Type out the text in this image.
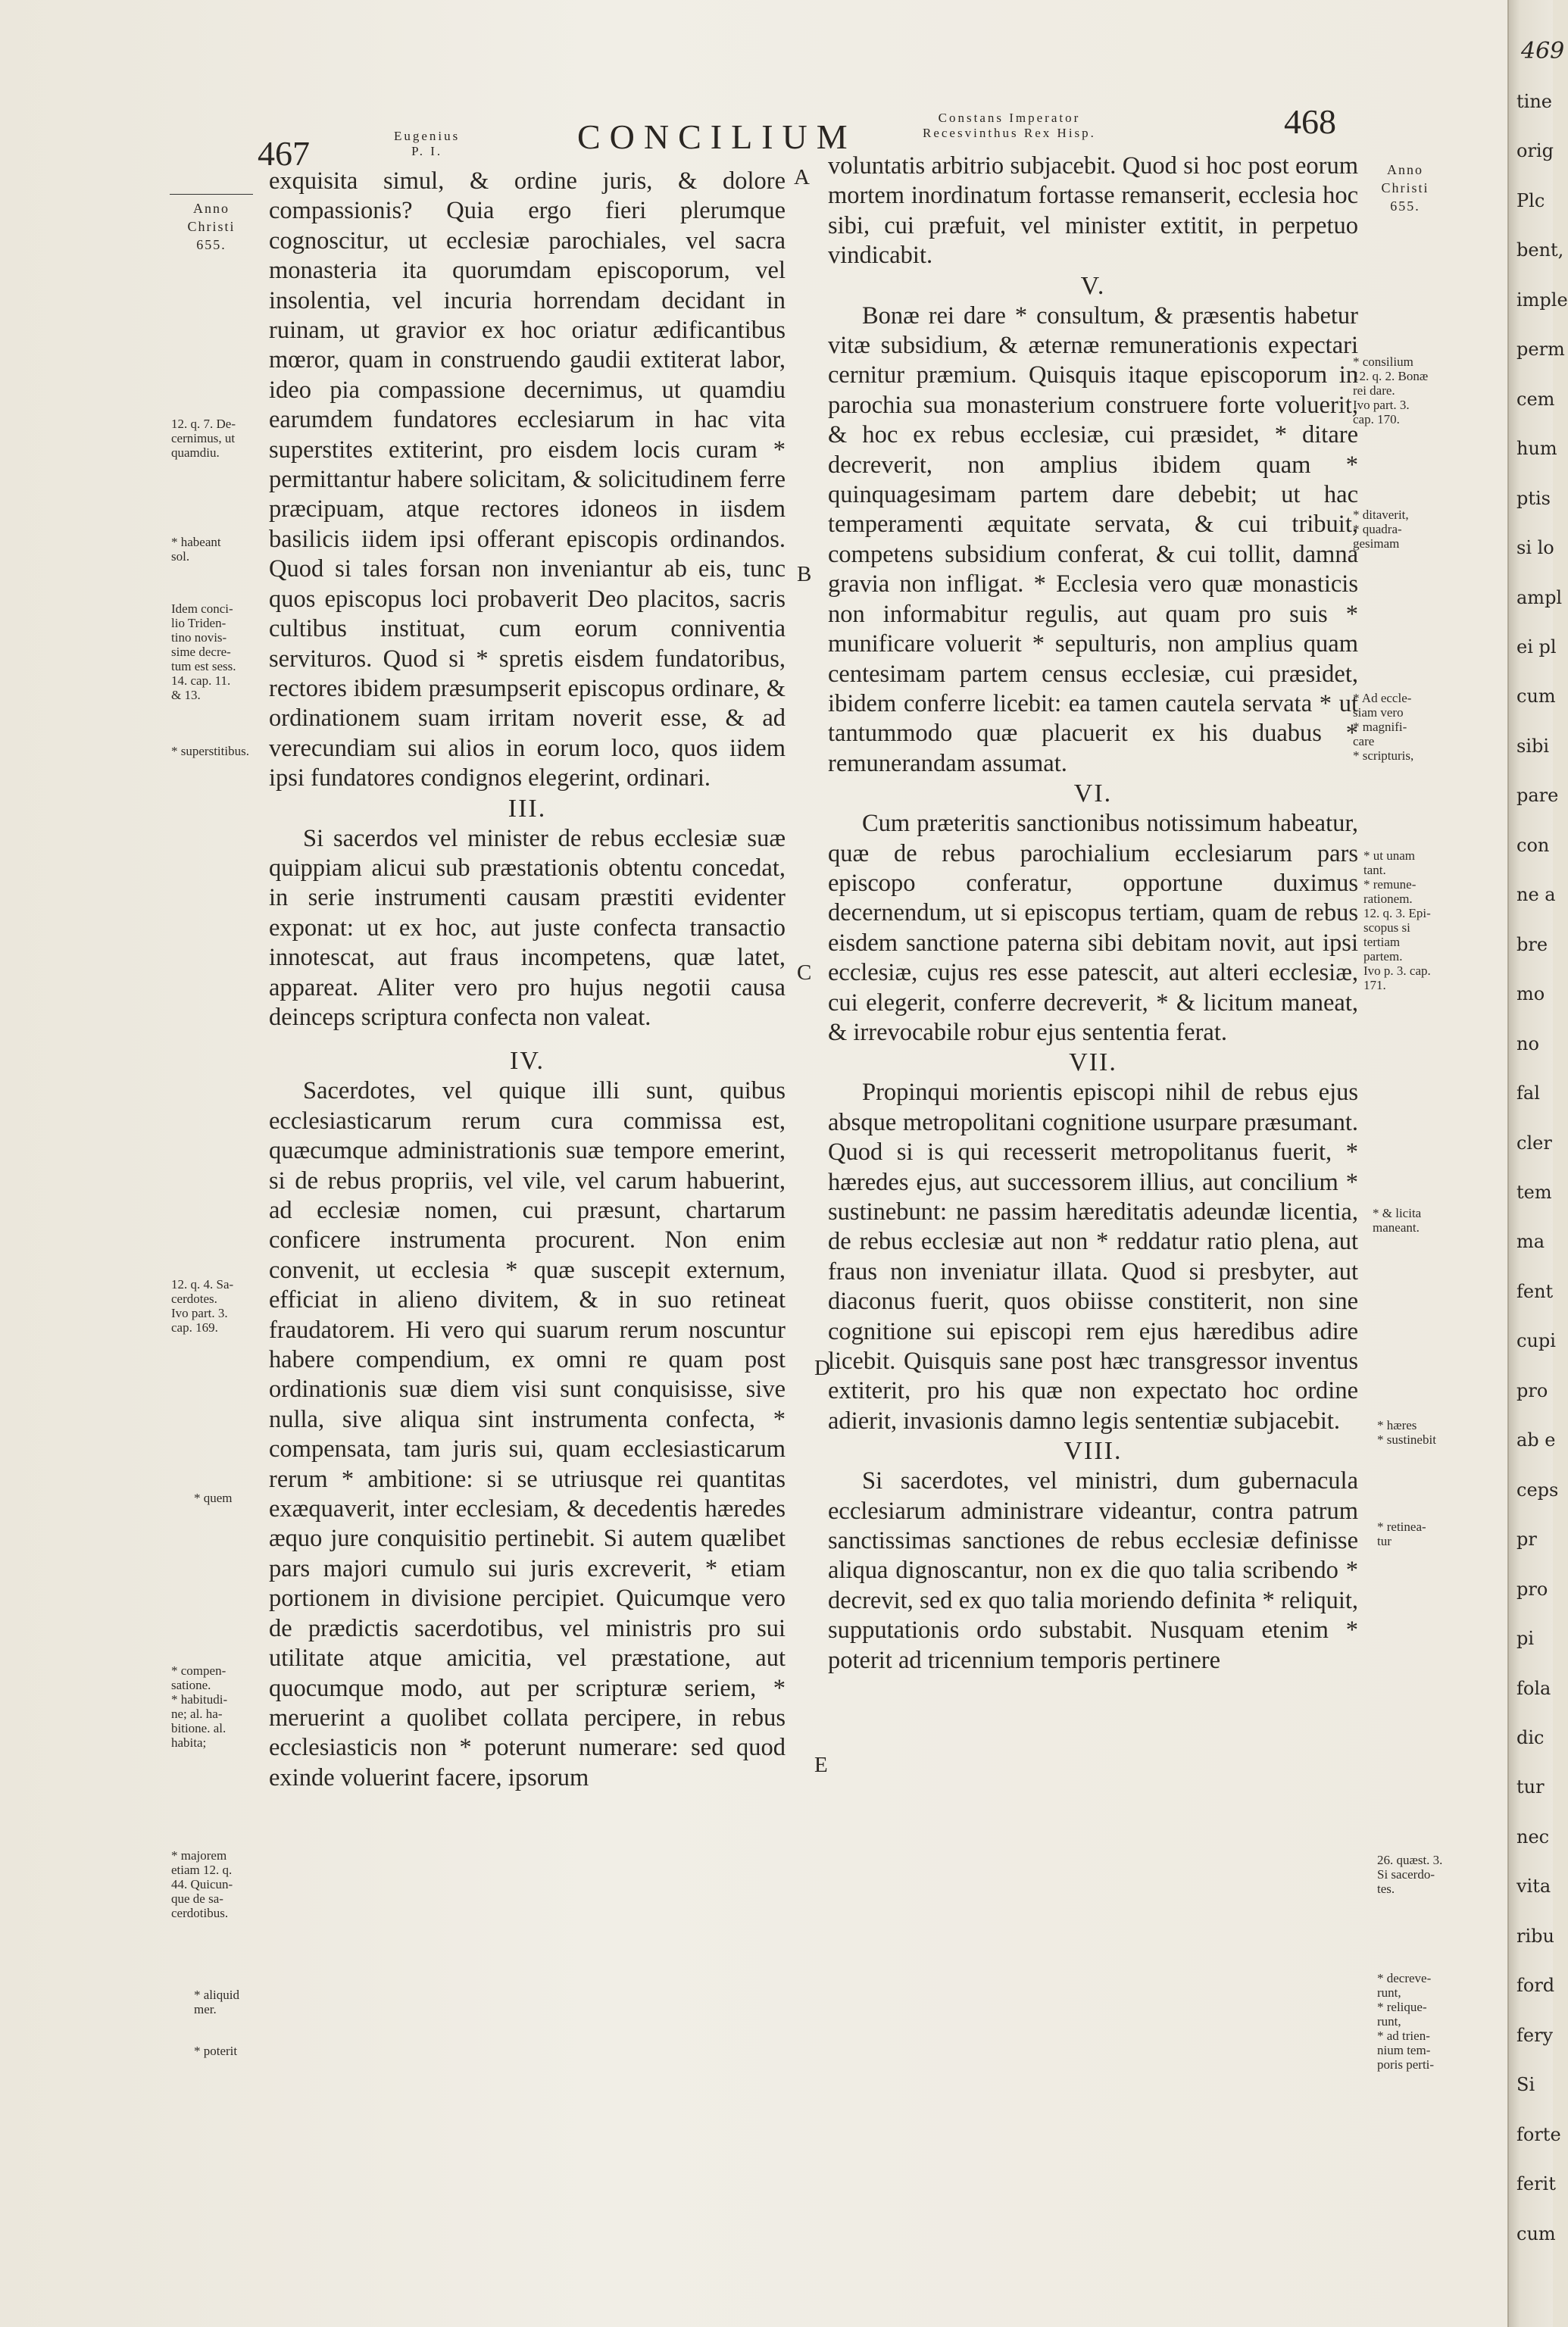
467	Eugenius
P. I.	CONCILIUM	Constans Imperator
Recesvinthus Rex Hisp.	468
Anno
Christi
655.
Anno
Christi
655.
A
B
C
D
E

exquisita simul, & ordine juris, & dolore compassionis? Quia ergo fieri plerumque cognoscitur, ut ecclesiæ parochiales, vel sacra monasteria ita quorumdam episcoporum, vel insolentia, vel incuria horrendam decidant in ruinam, ut gravior ex hoc oriatur ædificantibus mœror, quam in construendo gaudii extiterat labor, ideo pia compassione decernimus, ut quamdiu earumdem fundatores ecclesiarum in hac vita superstites extiterint, pro eisdem locis curam * permittantur habere solicitam, & solicitudinem ferre præcipuam, atque rectores idoneos in iisdem basilicis iidem ipsi offerant episcopis ordinandos. Quod si tales forsan non inveniantur ab eis, tunc quos episcopus loci probaverit Deo placitos, sacris cultibus instituat, cum eorum conniventia servituros. Quod si * spretis eisdem fundatoribus, rectores ibidem præsumpserit episcopus ordinare, & ordinationem suam irritam noverit esse, & ad verecundiam sui alios in eorum loco, quos iidem ipsi fundatores condignos elegerint, ordinari.

III.

Si sacerdos vel minister de rebus ecclesiæ suæ quippiam alicui sub præstationis obtentu concedat, in serie instrumenti causam præstiti evidenter exponat: ut ex hoc, aut juste confecta transactio innotescat, aut fraus incompetens, quæ latet, appareat. Aliter vero pro hujus negotii causa deinceps scriptura confecta non valeat.

IV.

Sacerdotes, vel quique illi sunt, quibus ecclesiasticarum rerum cura commissa est, quæcumque administrationis suæ tempore emerint, si de rebus propriis, vel vile, vel carum habuerint, ad ecclesiæ nomen, cui præsunt, chartarum conficere instrumenta procurent. Non enim convenit, ut ecclesia * quæ suscepit externum, efficiat in alieno divitem, & in suo retineat fraudatorem. Hi vero qui suarum rerum noscuntur habere compendium, ex omni re quam post ordinationis suæ diem visi sunt conquisisse, sive nulla, sive aliqua sint instrumenta confecta, * compensata, tam juris sui, quam ecclesiasticarum rerum * ambitione: si se utriusque rei quantitas exæquaverit, inter ecclesiam, & decedentis hæredes æquo jure conquisitio pertinebit. Si autem quælibet pars majori cumulo sui juris excreverit, * etiam portionem in divisione percipiet. Quicumque vero de prædictis sacerdotibus, vel ministris pro sui utilitate atque amicitia, vel præstatione, aut quocumque modo, aut per scripturæ seriem, * meruerint a quolibet collata percipere, in rebus ecclesiasticis non * poterunt numerare: sed quod exinde voluerint facere, ipsorum

voluntatis arbitrio subjacebit. Quod si hoc post eorum mortem inordinatum fortasse remanserit, ecclesia hoc sibi, cui præfuit, vel minister extitit, in perpetuo vindicabit.

V.

Bonæ rei dare * consultum, & præsentis habetur vitæ subsidium, & æternæ remunerationis expectari cernitur præmium. Quisquis itaque episcoporum in parochia sua monasterium construere forte voluerit, & hoc ex rebus ecclesiæ, cui præsidet, * ditare decreverit, non amplius ibidem quam * quinquagesimam partem dare debebit; ut hac temperamenti æquitate servata, & cui tribuit, competens subsidium conferat, & cui tollit, damna gravia non infligat. * Ecclesia vero quæ monasticis non informabitur regulis, aut quam pro suis * munificare voluerit * sepulturis, non amplius quam centesimam partem census ecclesiæ, cui præsidet, ibidem conferre licebit: ea tamen cautela servata * ut tantummodo quæ placuerit ex his duabus * remunerandam assumat.

VI.

Cum præteritis sanctionibus notissimum habeatur, quæ de rebus parochialium ecclesiarum pars episcopo conferatur, opportune duximus decernendum, ut si episcopus tertiam, quam de rebus eisdem sanctione paterna sibi debitam novit, aut ipsi ecclesiæ, cujus res esse patescit, aut alteri ecclesiæ, cui elegerit, conferre decreverit, * & licitum maneat, & irrevocabile robur ejus sententia ferat.

VII.

Propinqui morientis episcopi nihil de rebus ejus absque metropolitani cognitione usurpare præsumant. Quod si is qui recesserit metropolitanus fuerit, * hæredes ejus, aut successorem illius, aut concilium * sustinebunt: ne passim hæreditatis adeundæ licentia, de rebus ecclesiæ aut non * reddatur ratio plena, aut fraus non inveniatur illata. Quod si presbyter, aut diaconus fuerit, quos obiisse constiterit, non sine cognitione sui episcopi rem ejus hæredibus adire licebit. Quisquis sane post hæc transgressor inventus extiterit, pro his quæ non expectato hoc ordine adierit, invasionis damno legis sententiæ subjacebit.

VIII.

Si sacerdotes, vel ministri, dum gubernacula ecclesiarum administrare videantur, contra patrum sanctissimas sanctiones de rebus ecclesiæ definisse aliqua dignoscantur, non ex die quo talia scribendo * decrevit, sed ex quo talia moriendo definita * reliquit, supputationis ordo substabit. Nusquam etenim * poterit ad tricennium temporis pertinere

12. q. 7. De-
cernimus, ut
quamdiu.
* habeant
sol.
Idem conci-
lio Triden-
tino novis-
sime decre-
tum est sess.
14. cap. 11.
& 13.
* superstitibus.
12. q. 4. Sa-
cerdotes.
Ivo part. 3.
cap. 169.
* quem
* compen-
satione.
* habitudi-
ne; al. ha-
bitione. al.
habita;
* majorem
etiam 12. q.
44. Quicun-
que de sa-
cerdotibus.
* aliquid
mer.
* poterit
* consilium
12. q. 2. Bonæ
rei dare.
Ivo part. 3.
cap. 170.
* ditaverit,
* quadra-
gesimam
* Ad eccle-
siam vero
* magnifi-
care
* scripturis,
* ut unam
tant.
* remune-
rationem.
12. q. 3. Epi-
scopus si
tertiam
partem.
Ivo p. 3. cap.
171.
* & licita
maneant.
* hæres
* sustinebit
* retinea-
tur
26. quæst. 3.
Si sacerdo-
tes.
* decreve-
runt,
* relique-
runt,
* ad trien-
nium tem-
poris perti-
469
tine
orig
Plc
bent,
imple
perm
cem
hum
ptis
si lo
ampl
ei pl
cum
sibi
pare
con
ne a
bre
mo
no
fal
cler
tem
ma
fent
cupi
pro
ab e
ceps
pr
pro
pi
fola
dic
tur
nec
vita
ribu
ford
fery
Si
forte
ferit
cum
